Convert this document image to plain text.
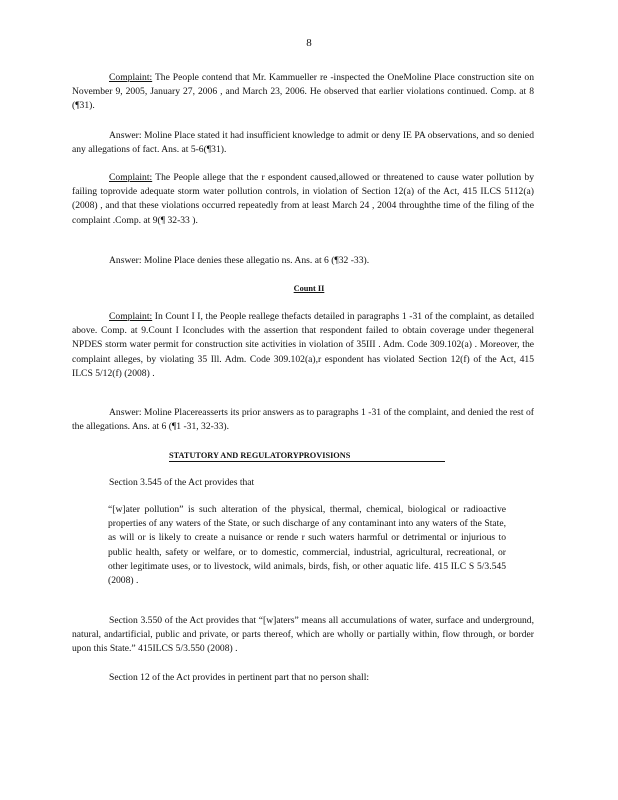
8

Complaint: The People contend that Mr. Kammueller re -inspected the OneMoline Place construction site on November 9, 2005, January 27, 2006 , and March 23, 2006. He observed that earlier violations continued. Comp. at 8 (¶31).

Answer: Moline Place stated it had insufficient knowledge to admit or deny IE PA observations, and so denied any allegations of fact. Ans. at 5-6(¶31).

Complaint: The People allege that the r espondent caused,allowed or threatened to cause water pollution by failing toprovide adequate storm water pollution controls, in violation of Section 12(a) of the Act, 415 ILCS 5112(a) (2008) , and that these violations occurred repeatedly from at least March 24 , 2004 throughthe time of the filing of the complaint .Comp. at 9(¶ 32-33 ).

Answer: Moline Place denies these allegatio ns. Ans. at 6 (¶32 -33).

Count II

Complaint: In Count I I, the People reallege thefacts detailed in paragraphs 1 -31 of the complaint, as detailed above. Comp. at 9.Count I Iconcludes with the assertion that respondent failed to obtain coverage under thegeneral NPDES storm water permit for construction site activities in violation of 35III . Adm. Code 309.102(a) . Moreover, the complaint alleges, by violating 35 Ill. Adm. Code 309.102(a),r espondent has violated Section 12(f) of the Act, 415 ILCS 5/12(f) (2008) .

Answer: Moline Placereasserts its prior answers as to paragraphs 1 -31 of the complaint, and denied the rest of the allegations. Ans. at 6 (¶1 -31, 32-33).

STATUTORY AND REGULATORYPROVISIONS

Section 3.545 of the Act provides that

“[w]ater pollution” is such alteration of the physical, thermal, chemical, biological or radioactive properties of any waters of the State, or such discharge of any contaminant into any waters of the State, as will or is likely to create a nuisance or rende r such waters harmful or detrimental or injurious to public health, safety or welfare, or to domestic, commercial, industrial, agricultural, recreational, or other legitimate uses, or to livestock, wild animals, birds, fish, or other aquatic life. 415 ILC S 5/3.545 (2008) .

Section 3.550 of the Act provides that “[w]aters” means all accumulations of water, surface and underground, natural, andartificial, public and private, or parts thereof, which are wholly or partially within, flow through, or border upon this State.” 415ILCS 5/3.550 (2008) .

Section 12 of the Act provides in pertinent part that no person shall:
